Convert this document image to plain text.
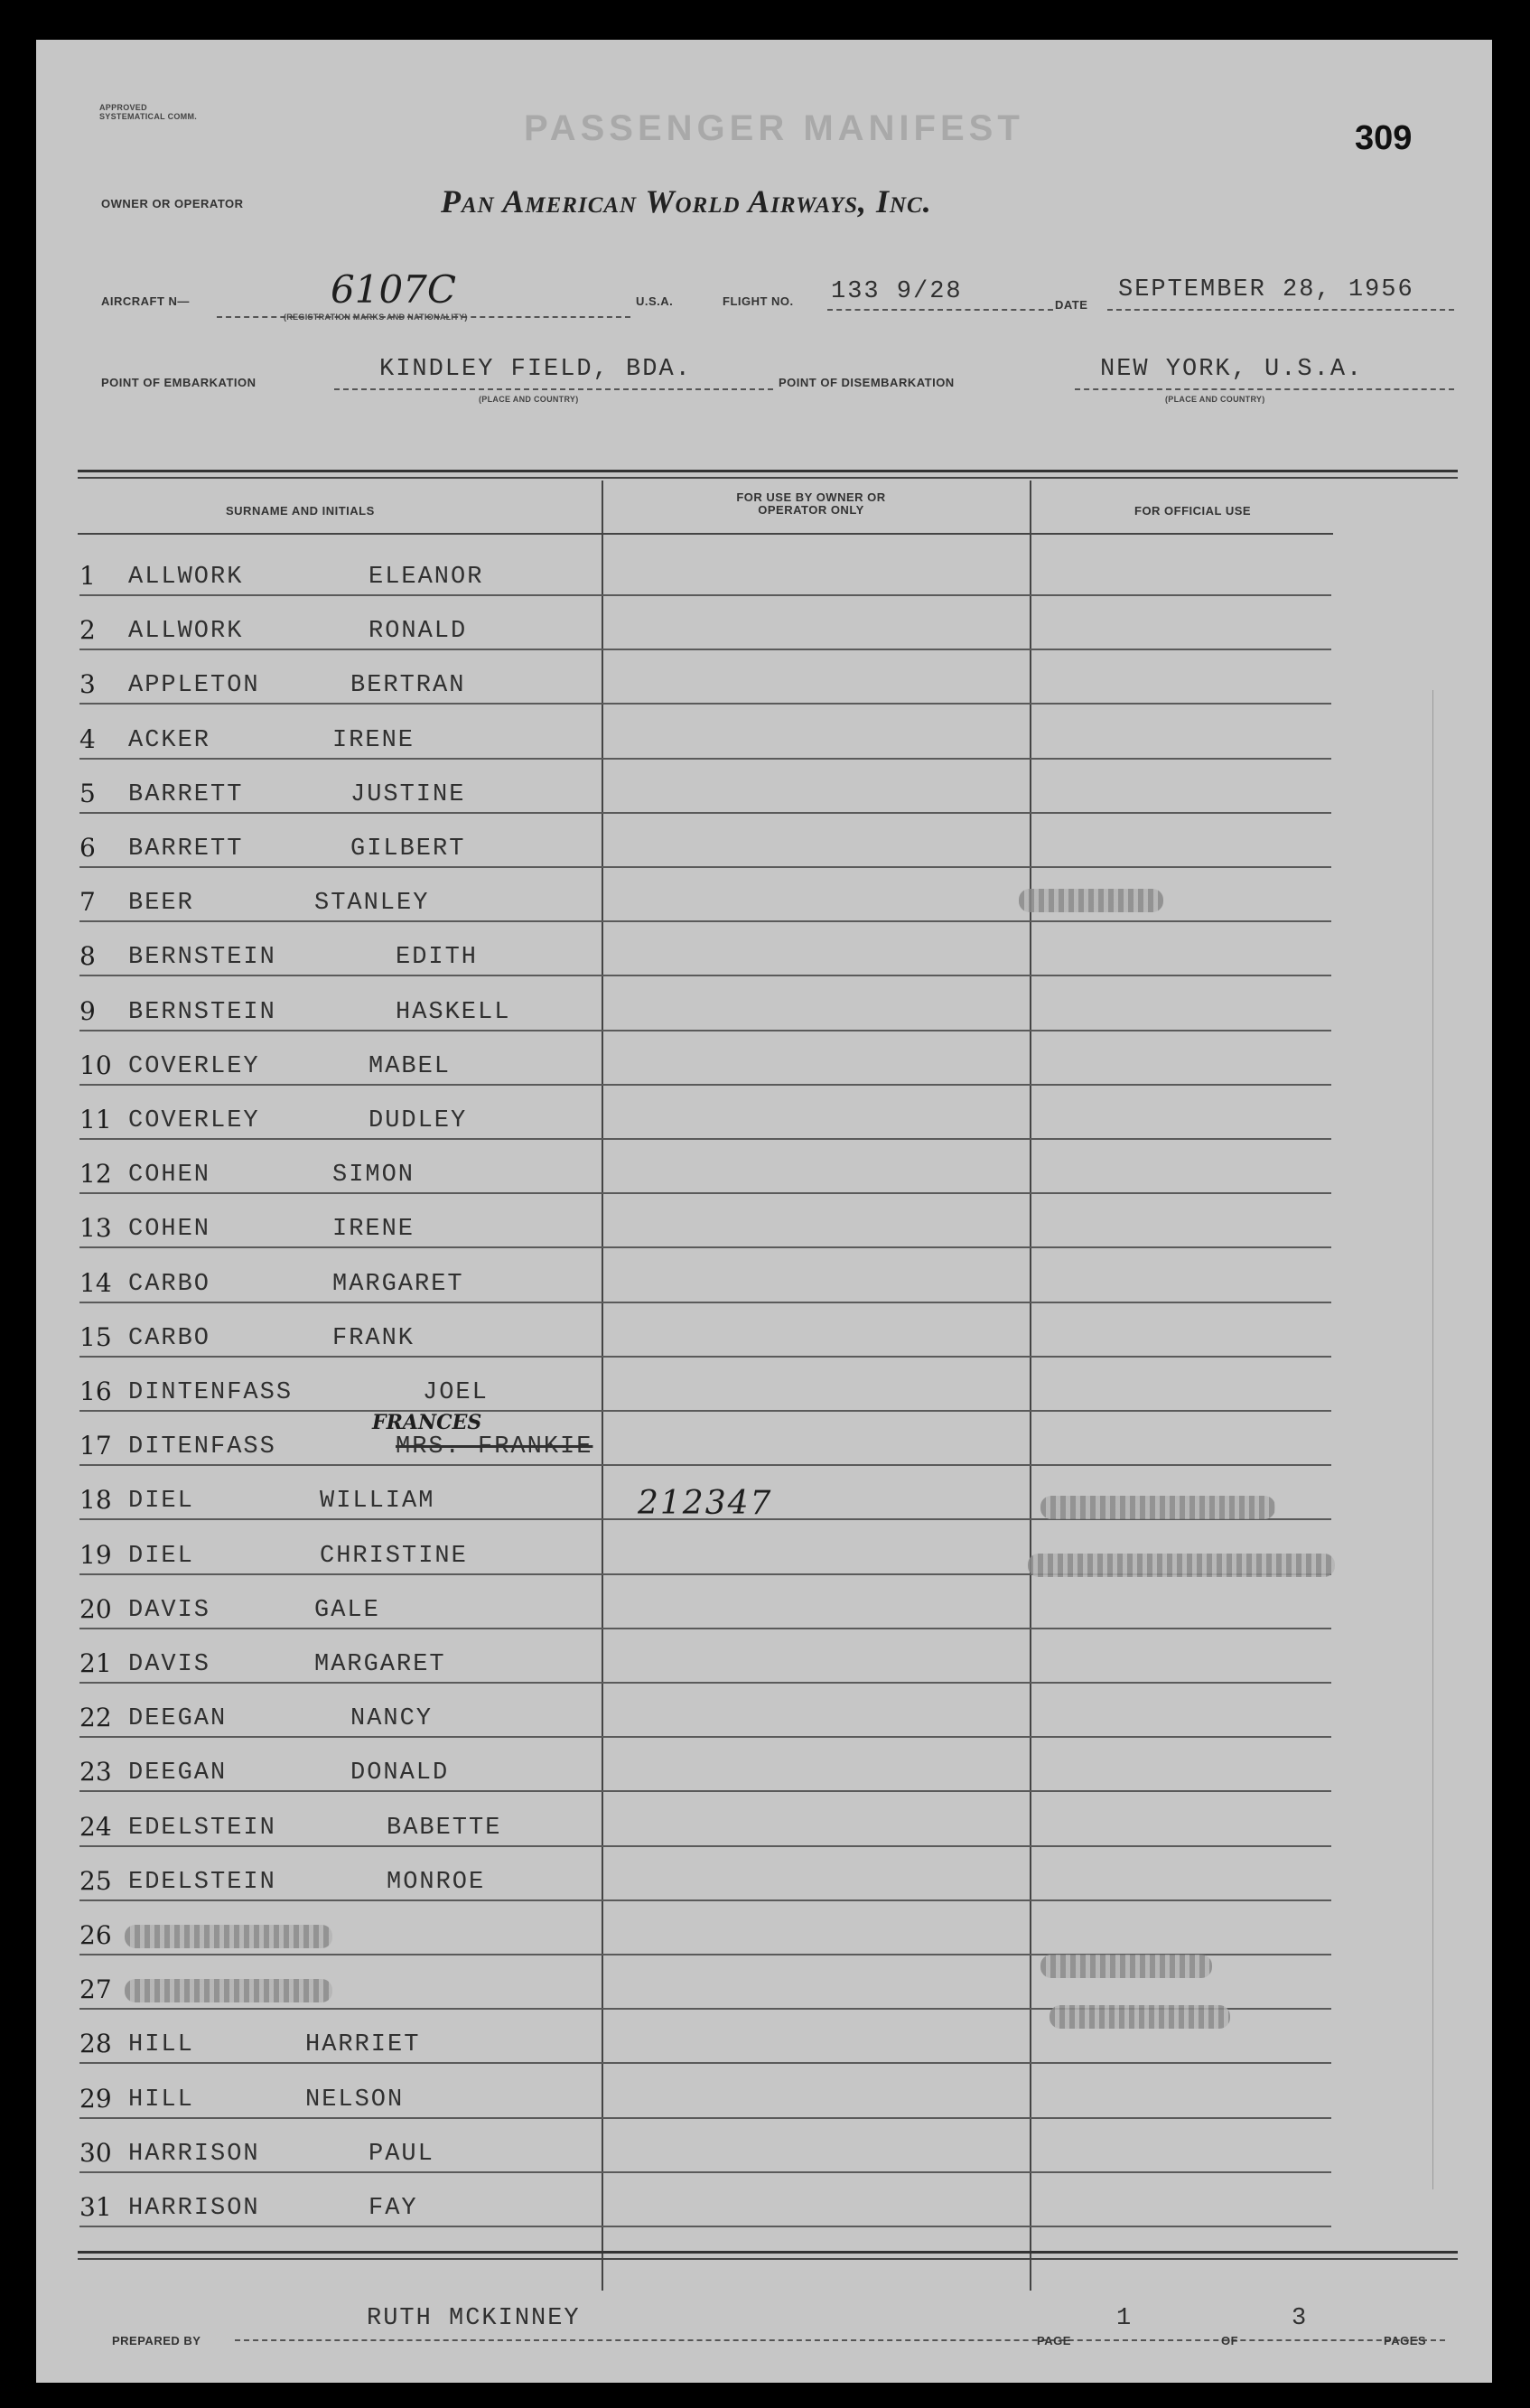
APPROVED
SYSTEMATICAL COMM.	PASSENGER MANIFEST	309
OWNER OR OPERATOR	Pan American World Airways, Inc.
AIRCRAFT N—	6107C
(REGISTRATION MARKS AND NATIONALITY)
U.S.A.	FLIGHT NO. 133 9/28	DATE
SEPTEMBER 28, 1956
POINT OF EMBARKATION	KINDLEY FIELD, BDA.
(PLACE AND COUNTRY)
POINT OF DISEMBARKATION	NEW YORK, U.S.A.
(PLACE AND COUNTRY)
SURNAME AND INITIALS
FOR USE BY OWNER OR OPERATOR ONLY	FOR OFFICIAL USE
1 ALLWORK	ELEANOR
2 ALLWORK	RONALD
3 APPLETON	BERTRAN
4 ACKER	IRENE
5 BARRETT	JUSTINE
6 BARRETT	GILBERT
7 BEER	STANLEY
8 BERNSTEIN	EDITH
9 BERNSTEIN	HASKELL
10 COVERLEY	MABEL
11 COVERLEY	DUDLEY
12 COHEN	SIMON
13 COHEN	IRENE
14 CARBO	MARGARET
15 CARBO	FRANK
16 DINTENFASS	JOEL
17 DITENFASS	MRS. FRANKIE
18 DIEL	WILLIAM
19 DIEL	CHRISTINE
20 DAVIS	GALE
21 DAVIS	MARGARET
22 DEEGAN	NANCY
23 DEEGAN	DONALD
24 EDELSTEIN	BABETTE
25 EDELSTEIN	MONROE
26
27
28 HILL	HARRIET
29 HILL	NELSON
30 HARRISON	PAUL
31 HARRISON	FAY
212347
FRANCES
PREPARED BY
RUTH MCKINNEY
PAGE
1
OF
3
PAGES
